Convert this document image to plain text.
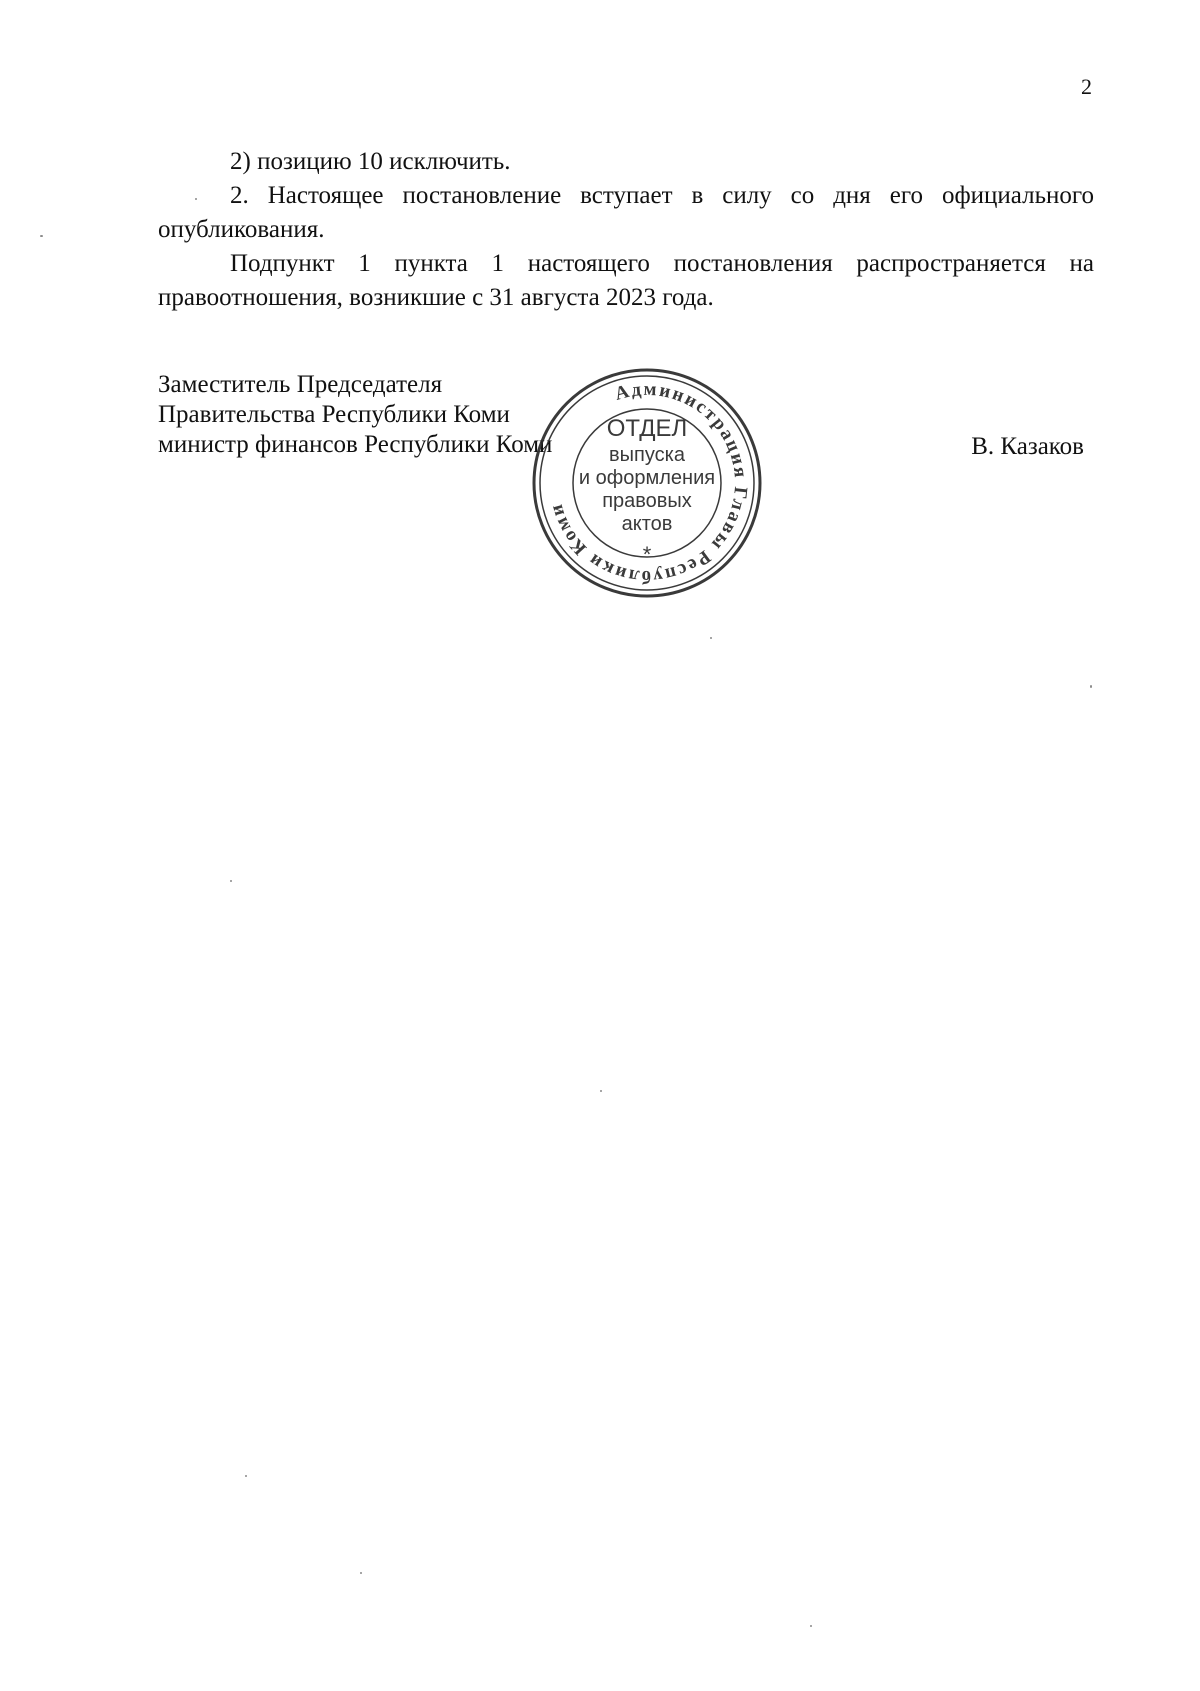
2

2) позицию 10 исключить.

2. Настоящее постановление вступает в силу со дня его официального опубликования.

Подпункт 1 пункта 1 настоящего постановления распространяется на правоотношения, возникшие с 31 августа 2023 года.

Заместитель Председателя
Правительства Республики Коми
министр финансов Республики Коми	В. Казаков
Администрация Главы Республики Коми
ОТДЕЛ
выпуска
и оформления
правовых
актов
*
